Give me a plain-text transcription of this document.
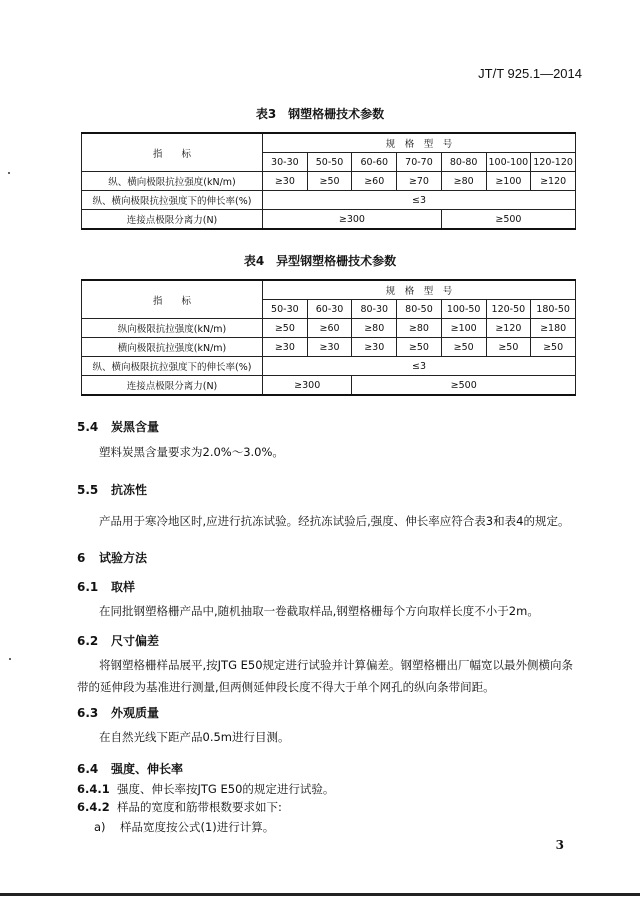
JT/T 925.1—2014
表3　钢塑格栅技术参数
指　　标	规　格　型　号						
	30-30	50-50	60-60	70-70	80-80	100-100	120-120
纵、横向极限抗拉强度(kN/m)	≥30	≥50	≥60	≥70	≥80	≥100	≥120
纵、横向极限抗拉强度下的伸长率(%)	≤3						
连接点极限分离力(N)	≥300				≥500		
表4　异型钢塑格栅技术参数
指　　标	规　格　型　号						
	50-30	60-30	80-30	80-50	100-50	120-50	180-50
纵向极限抗拉强度(kN/m)	≥50	≥60	≥80	≥80	≥100	≥120	≥180
横向极限抗拉强度(kN/m)	≥30	≥30	≥30	≥50	≥50	≥50	≥50
纵、横向极限抗拉强度下的伸长率(%)	≤3						
连接点极限分离力(N)	≥300		≥500				
5.4 炭黑含量
塑料炭黑含量要求为2.0%～3.0%。
5.5 抗冻性
产品用于寒冷地区时,应进行抗冻试验。经抗冻试验后,强度、伸长率应符合表3和表4的规定。
6 试验方法
6.1 取样
在同批钢塑格栅产品中,随机抽取一卷截取样品,钢塑格栅每个方向取样长度不小于2m。
6.2 尺寸偏差
将钢塑格栅样品展平,按JTG E50规定进行试验并计算偏差。钢塑格栅出厂幅宽以最外侧横向条带的延伸段为基准进行测量,但两侧延伸段长度不得大于单个网孔的纵向条带间距。
6.3 外观质量
在自然光线下距产品0.5m进行目测。
6.4 强度、伸长率
6.4.1 强度、伸长率按JTG E50的规定进行试验。
6.4.2 样品的宽度和筋带根数要求如下:
a) 样品宽度按公式(1)进行计算。
3
